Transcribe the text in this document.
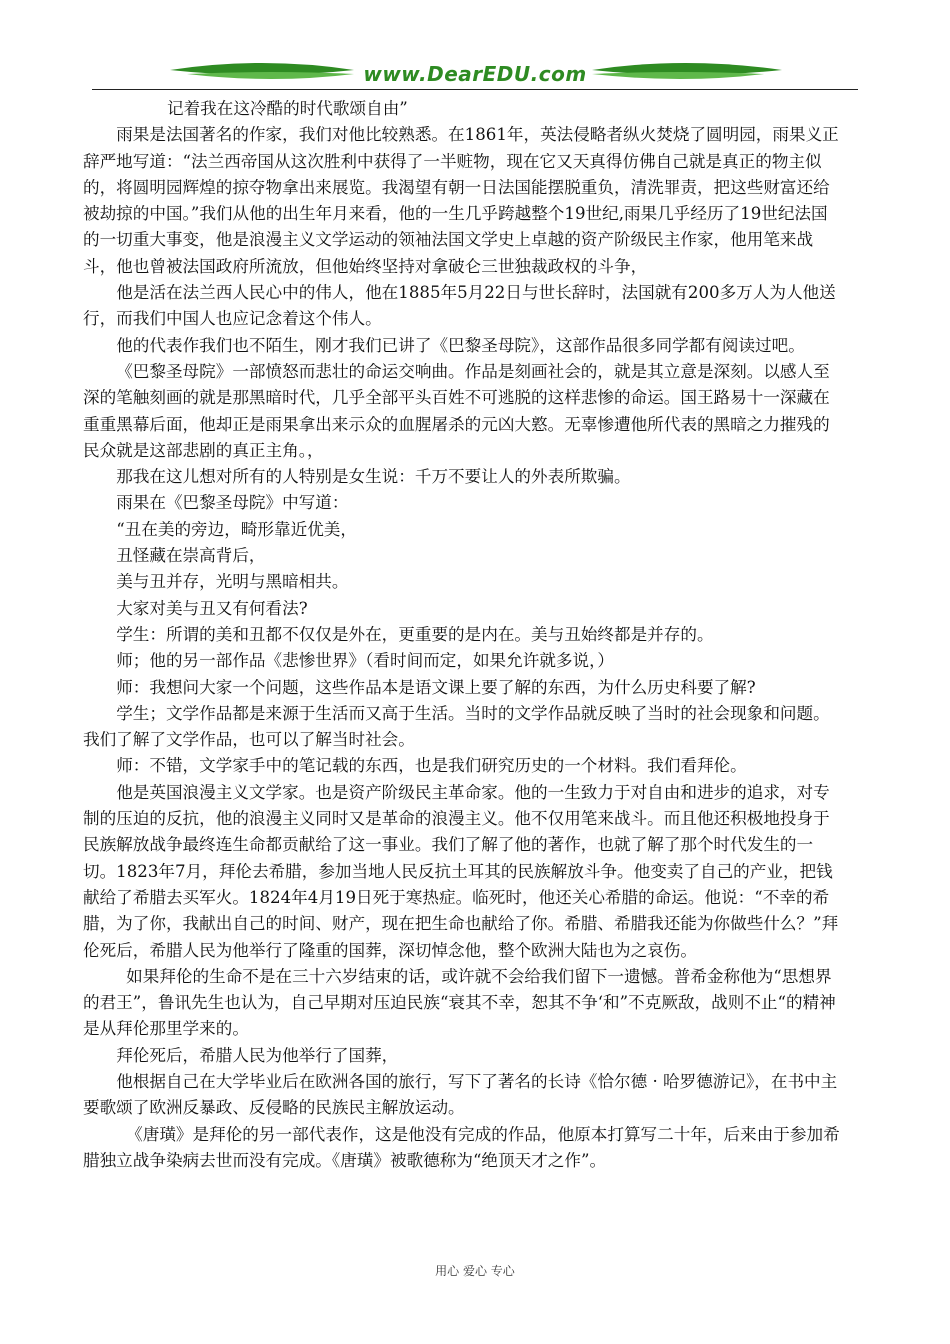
www.DearEDU.com

记着我在这冷酷的时代歌颂自由”

雨果是法国著名的作家，我们对他比较熟悉。在1861年，英法侵略者纵火焚烧了圆明园，雨果义正辞严地写道：“法兰西帝国从这次胜利中获得了一半赃物，现在它又天真得仿佛自己就是真正的物主似的，将圆明园辉煌的掠夺物拿出来展览。我渴望有朝一日法国能摆脱重负，清洗罪责，把这些财富还给被劫掠的中国。”我们从他的出生年月来看，他的一生几乎跨越整个19世纪,雨果几乎经历了19世纪法国的一切重大事变，他是浪漫主义文学运动的领袖法国文学史上卓越的资产阶级民主作家，他用笔来战斗，他也曾被法国政府所流放，但他始终坚持对拿破仑三世独裁政权的斗争，

他是活在法兰西人民心中的伟人，他在1885年5月22日与世长辞时，法国就有200多万人为人他送行，而我们中国人也应记念着这个伟人。

他的代表作我们也不陌生，刚才我们已讲了《巴黎圣母院》，这部作品很多同学都有阅读过吧。

《巴黎圣母院》一部愤怒而悲壮的命运交响曲。作品是刻画社会的，就是其立意是深刻。以感人至深的笔触刻画的就是那黑暗时代，几乎全部平头百姓不可逃脱的这样悲惨的命运。国王路易十一深藏在重重黑幕后面，他却正是雨果拿出来示众的血腥屠杀的元凶大憝。无辜惨遭他所代表的黑暗之力摧残的民众就是这部悲剧的真正主角。，

那我在这儿想对所有的人特别是女生说：千万不要让人的外表所欺骗。

雨果在《巴黎圣母院》中写道：

“丑在美的旁边，畸形靠近优美，

丑怪藏在崇高背后，

美与丑并存，光明与黑暗相共。

大家对美与丑又有何看法?

学生：所谓的美和丑都不仅仅是外在，更重要的是内在。美与丑始终都是并存的。

师；他的另一部作品《悲惨世界》（看时间而定，如果允许就多说，）

师：我想问大家一个问题，这些作品本是语文课上要了解的东西，为什么历史科要了解?

学生；文学作品都是来源于生活而又高于生活。当时的文学作品就反映了当时的社会现象和问题。我们了解了文学作品，也可以了解当时社会。

师：不错，文学家手中的笔记载的东西，也是我们研究历史的一个材料。我们看拜伦。

他是英国浪漫主义文学家。也是资产阶级民主革命家。他的一生致力于对自由和进步的追求，对专制的压迫的反抗，他的浪漫主义同时又是革命的浪漫主义。他不仅用笔来战斗。而且他还积极地投身于民族解放战争最终连生命都贡献给了这一事业。我们了解了他的著作，也就了解了那个时代发生的一切。1823年7月，拜伦去希腊，参加当地人民反抗土耳其的民族解放斗争。他变卖了自己的产业，把钱献给了希腊去买军火。1824年4月19日死于寒热症。临死时，他还关心希腊的命运。他说：“不幸的希腊，为了你，我献出自己的时间、财产，现在把生命也献给了你。希腊、希腊我还能为你做些什么？”拜伦死后，希腊人民为他举行了隆重的国葬，深切悼念他，整个欧洲大陆也为之哀伤。

如果拜伦的生命不是在三十六岁结束的话，或许就不会给我们留下一遗憾。普希金称他为“思想界的君王”，鲁讯先生也认为，自己早期对压迫民族“衰其不幸，恕其不争‘和”不克厥敌，战则不止“的精神是从拜伦那里学来的。

拜伦死后，希腊人民为他举行了国葬，

他根据自己在大学毕业后在欧洲各国的旅行，写下了著名的长诗《恰尔德 · 哈罗德游记》，在书中主要歌颂了欧洲反暴政、反侵略的民族民主解放运动。

《唐璜》是拜伦的另一部代表作，这是他没有完成的作品，他原本打算写二十年，后来由于参加希腊独立战争染病去世而没有完成。《唐璜》被歌德称为“绝顶天才之作”。

用心 爱心 专心
